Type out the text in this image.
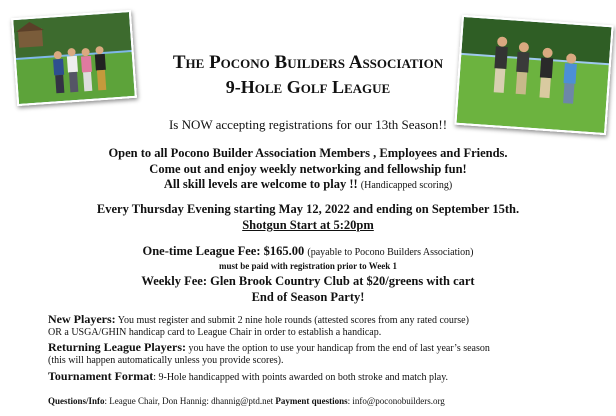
The Pocono Builders Association
9-Hole Golf League
Is NOW accepting registrations for our 13th Season!!
Open to all Pocono Builder Association Members , Employees and Friends.
Come out and enjoy weekly networking and fellowship fun!
All skill levels are welcome to play !! (Handicapped scoring)
Every Thursday Evening starting May 12, 2022 and ending on September 15th.
Shotgun Start at 5:20pm
One-time League Fee: $165.00 (payable to Pocono Builders Association)
must be paid with registration prior to Week 1
Weekly Fee: Glen Brook Country Club at $20/greens with cart
End of Season Party!
New Players: You must register and submit 2 nine hole rounds (attested scores from any rated course)
OR a USGA/GHIN handicap card to League Chair in order to establish a handicap.
Returning League Players: you have the option to use your handicap from the end of last year’s season
(this will happen automatically unless you provide scores).
Tournament Format: 9-Hole handicapped with points awarded on both stroke and match play.
Questions/Info: League Chair, Don Hannig: dhannig@ptd.net Payment questions: info@poconobuilders.org
